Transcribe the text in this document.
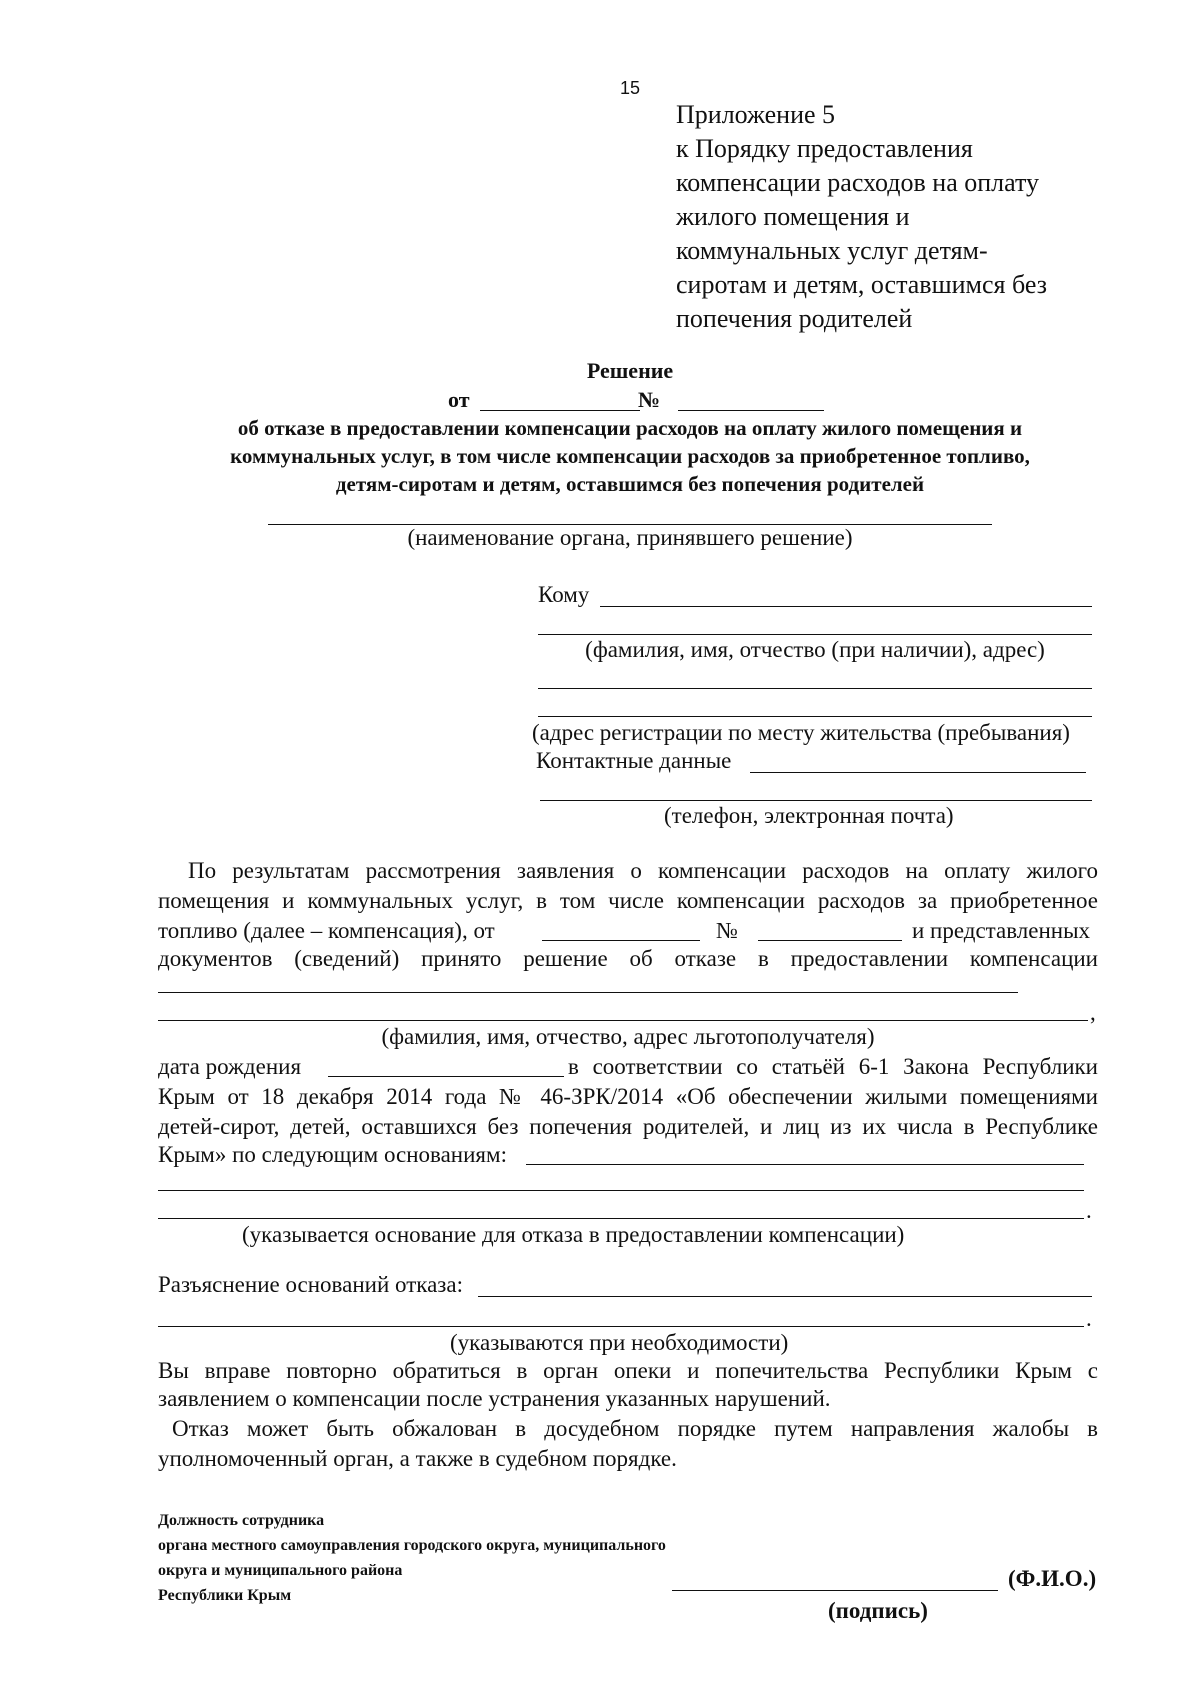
15
Приложение 5
к Порядку предоставления
компенсации расходов на оплату
жилого помещения и
коммунальных услуг детям-
сиротам и детям, оставшимся без
попечения родителей
Решение
от	№
об отказе в предоставлении компенсации расходов на оплату жилого помещения и
коммунальных услуг, в том числе компенсации расходов за приобретенное топливо,
детям-сиротам и детям, оставшимся без попечения родителей
(наименование органа, принявшего решение)
Кому
(фамилия, имя, отчество (при наличии), адрес)
(адрес регистрации по месту жительства (пребывания)
Контактные данные
(телефон, электронная почта)
По результатам рассмотрения заявления о компенсации расходов на оплату жилого
помещения и коммунальных услуг, в том числе компенсации расходов за приобретенное
топливо (далее – компенсация), от	№	и представленных
документов (сведений) принято решение об отказе в предоставлении компенсации
,
(фамилия, имя, отчество, адрес льготополучателя)
дата рождения	в соответствии со статьёй 6-1 Закона Республики
Крым от 18 декабря 2014 года № 46-ЗРК/2014 «Об обеспечении жилыми помещениями
детей-сирот, детей, оставшихся без попечения родителей, и лиц из их числа в Республике
Крым» по следующим основаниям:
.
(указывается основание для отказа в предоставлении компенсации)
Разъяснение оснований отказа:
.
(указываются при необходимости)
Вы вправе повторно обратиться в орган опеки и попечительства Республики Крым с
заявлением о компенсации после устранения указанных нарушений.
Отказ может быть обжалован в досудебном порядке путем направления жалобы в
уполномоченный орган, а также в судебном порядке.
Должность сотрудника
органа местного самоуправления городского округа, муниципального
округа и муниципального района
Республики Крым
(Ф.И.О.)
(подпись)
